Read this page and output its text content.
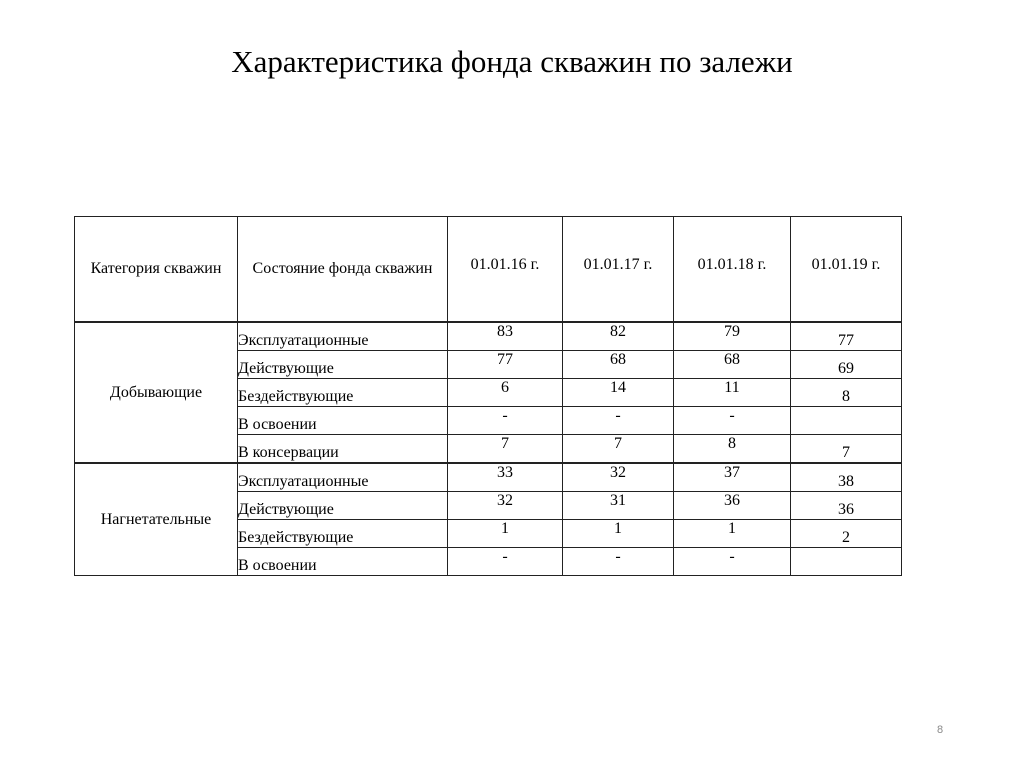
Характеристика фонда скважин по залежи
Категория скважин	Состояние фонда скважин	01.01.16 г.	01.01.17 г.	01.01.18 г.	01.01.19 г.
Добывающие	Эксплуатационные	83	82	79	77
	Действующие	77	68	68	69
	Бездействующие	6	14	11	8
	В освоении	-	-	-	
	В консервации	7	7	8	7
Нагнетательные	Эксплуатационные	33	32	37	38
	Действующие	32	31	36	36
	Бездействующие	1	1	1	2
	В освоении	-	-	-	
8
